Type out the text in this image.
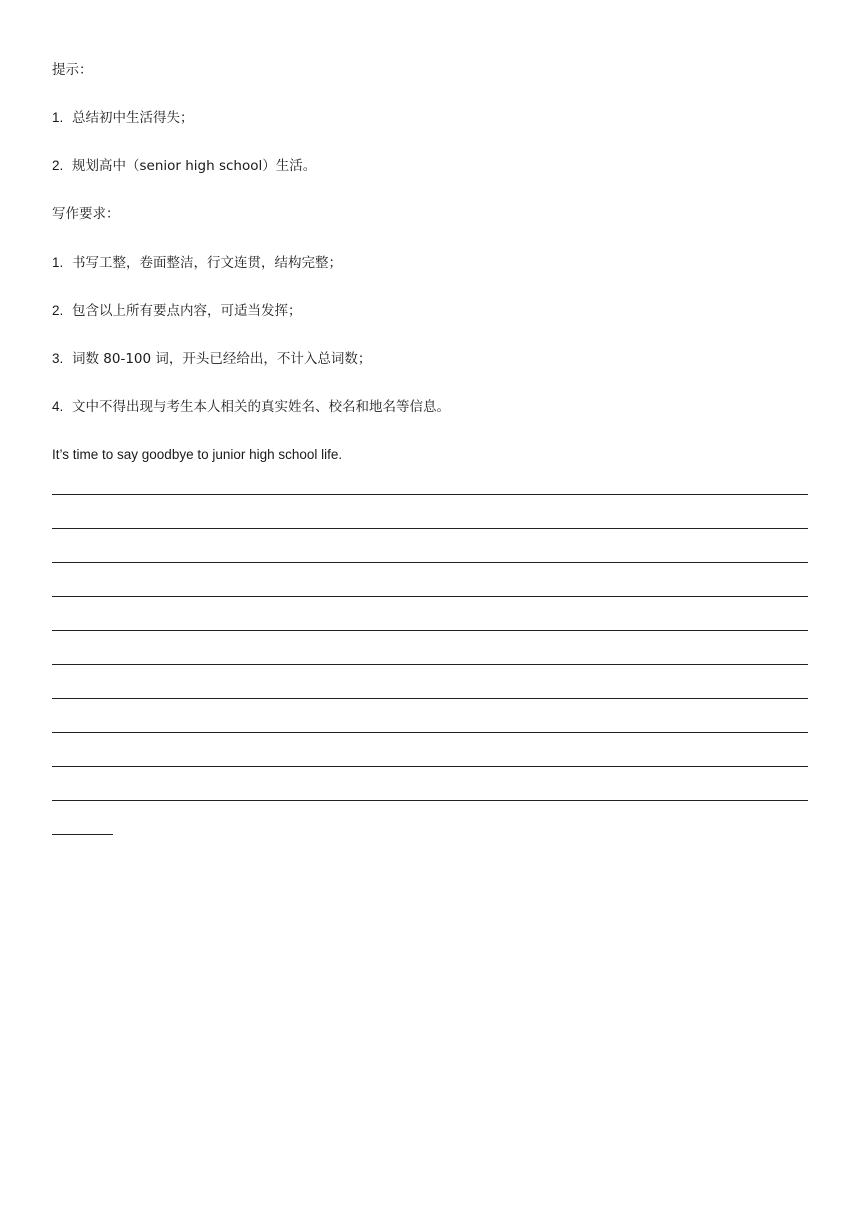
提示：
1. 总结初中生活得失；
2. 规划高中（senior high school）生活。
写作要求：
1. 书写工整，卷面整洁，行文连贯，结构完整；
2. 包含以上所有要点内容，可适当发挥；
3. 词数 80-100 词，开头已经给出，不计入总词数；
4. 文中不得出现与考生本人相关的真实姓名、校名和地名等信息。
It’s time to say goodbye to junior high school life.
